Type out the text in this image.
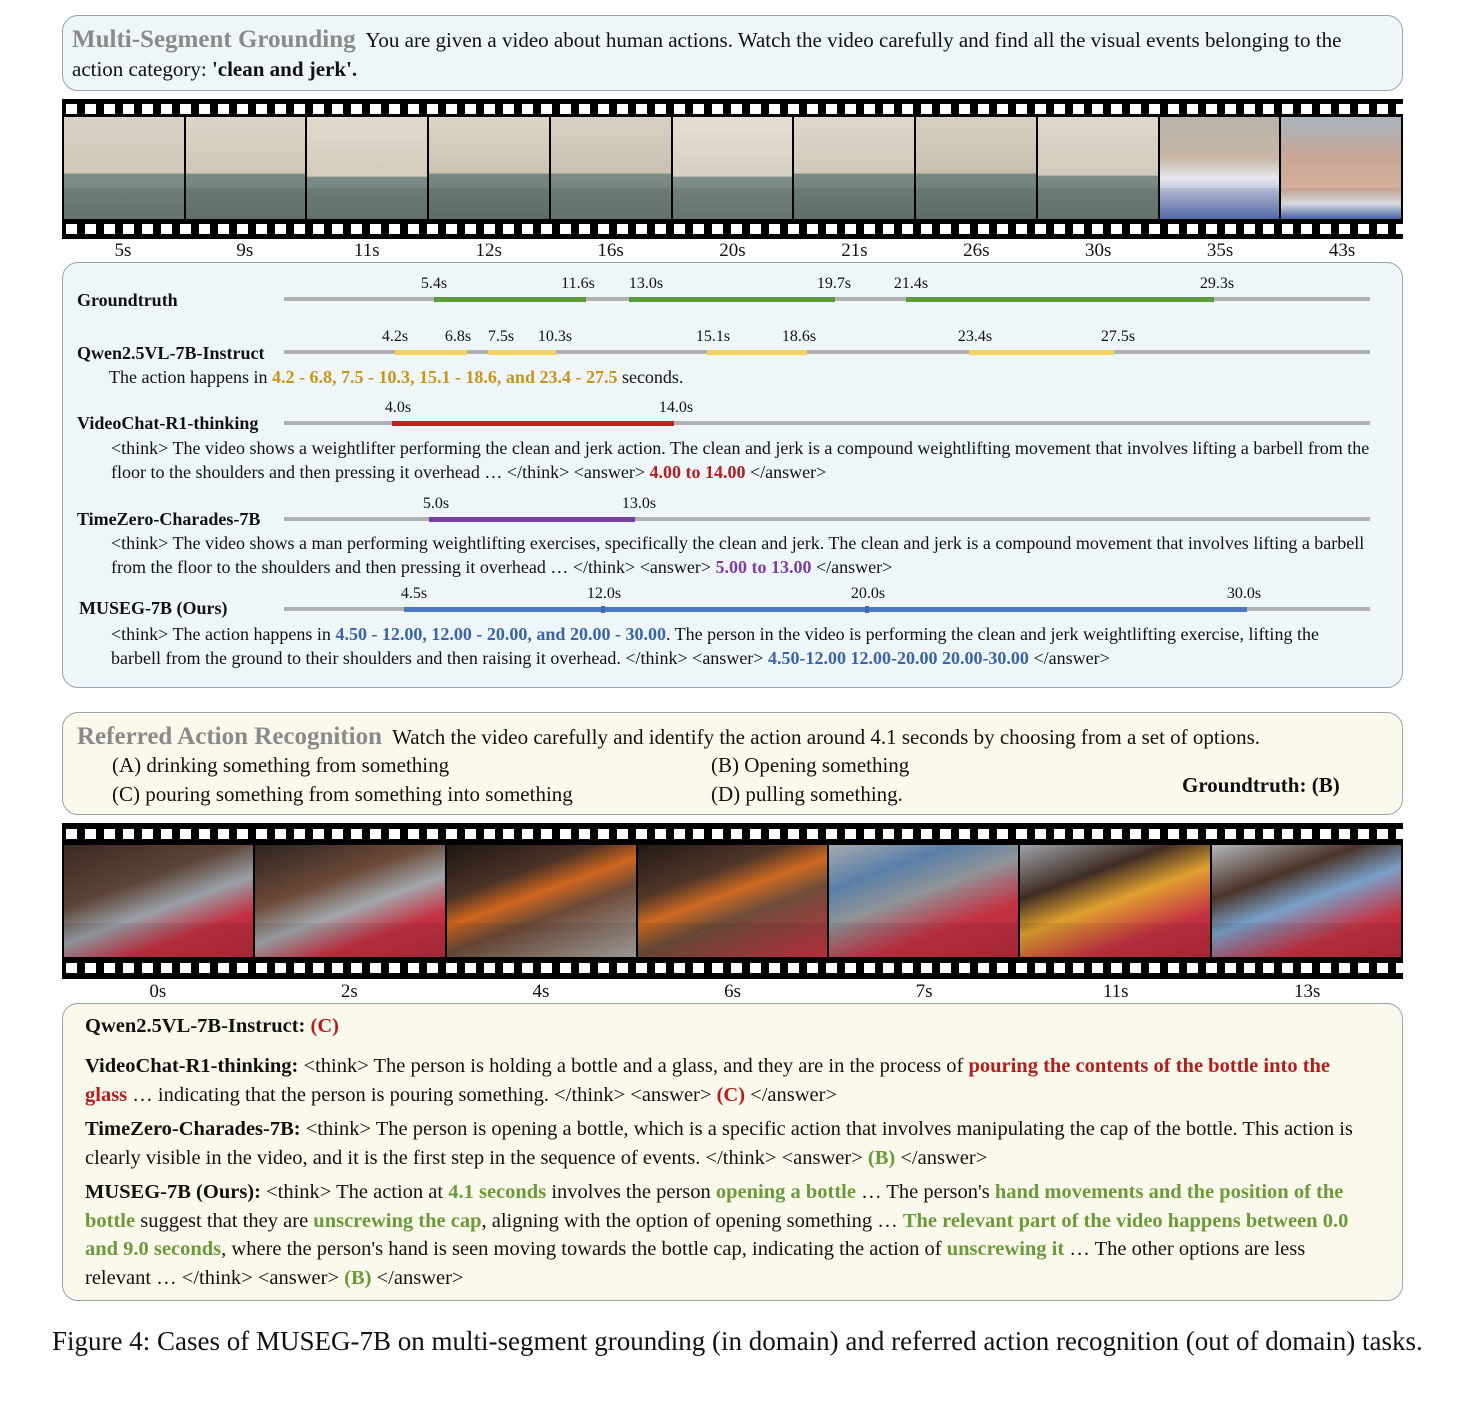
Multi-Segment Grounding You are given a video about human actions. Watch the video carefully and find all the visual events belonging to the action category: 'clean and jerk'.
5s	9s	11s	12s	16s	20s	21s	26s	30s	35s	43s
Groundtruth
5.4s	11.6s 13.0s	19.7s	21.4s	29.3s
Qwen2.5VL-7B-Instruct
4.2s 6.8s 7.5s 10.3s	15.1s	18.6s	23.4s	27.5s
The action happens in 4.2 - 6.8, 7.5 - 10.3, 15.1 - 18.6, and 23.4 - 27.5 seconds.
VideoChat-R1-thinking
4.0s	14.0s
<think> The video shows a weightlifter performing the clean and jerk action. The clean and jerk is a compound weightlifting movement that involves lifting a barbell from the floor to the shoulders and then pressing it overhead … </think> <answer> 4.00 to 14.00 </answer>
TimeZero-Charades-7B
5.0s	13.0s
<think> The video shows a man performing weightlifting exercises, specifically the clean and jerk. The clean and jerk is a compound movement that involves lifting a barbell from the floor to the shoulders and then pressing it overhead … </think> <answer> 5.00 to 13.00 </answer>
MUSEG-7B (Ours)
4.5s	12.0s	20.0s	30.0s
<think> The action happens in 4.50 - 12.00, 12.00 - 20.00, and 20.00 - 30.00. The person in the video is performing the clean and jerk weightlifting exercise, lifting the barbell from the ground to their shoulders and then raising it overhead. </think> <answer> 4.50-12.00 12.00-20.00 20.00-30.00 </answer>
Referred Action Recognition Watch the video carefully and identify the action around 4.1 seconds by choosing from a set of options.
(A) drinking something from something	(B) Opening something
(C) pouring something from something into something	(D) pulling something.	Groundtruth: (B)
0s	2s	4s	6s	7s	11s	13s
Qwen2.5VL-7B-Instruct: (C)
VideoChat-R1-thinking: <think> The person is holding a bottle and a glass, and they are in the process of pouring the contents of the bottle into the glass … indicating that the person is pouring something. </think> <answer> (C) </answer>
TimeZero-Charades-7B: <think> The person is opening a bottle, which is a specific action that involves manipulating the cap of the bottle. This action is clearly visible in the video, and it is the first step in the sequence of events. </think> <answer> (B) </answer>
MUSEG-7B (Ours): <think> The action at 4.1 seconds involves the person opening a bottle … The person's hand movements and the position of the bottle suggest that they are unscrewing the cap, aligning with the option of opening something … The relevant part of the video happens between 0.0 and 9.0 seconds, where the person's hand is seen moving towards the bottle cap, indicating the action of unscrewing it … The other options are less relevant … </think> <answer> (B) </answer>
Figure 4: Cases of MUSEG-7B on multi-segment grounding (in domain) and referred action recognition (out of domain) tasks.
